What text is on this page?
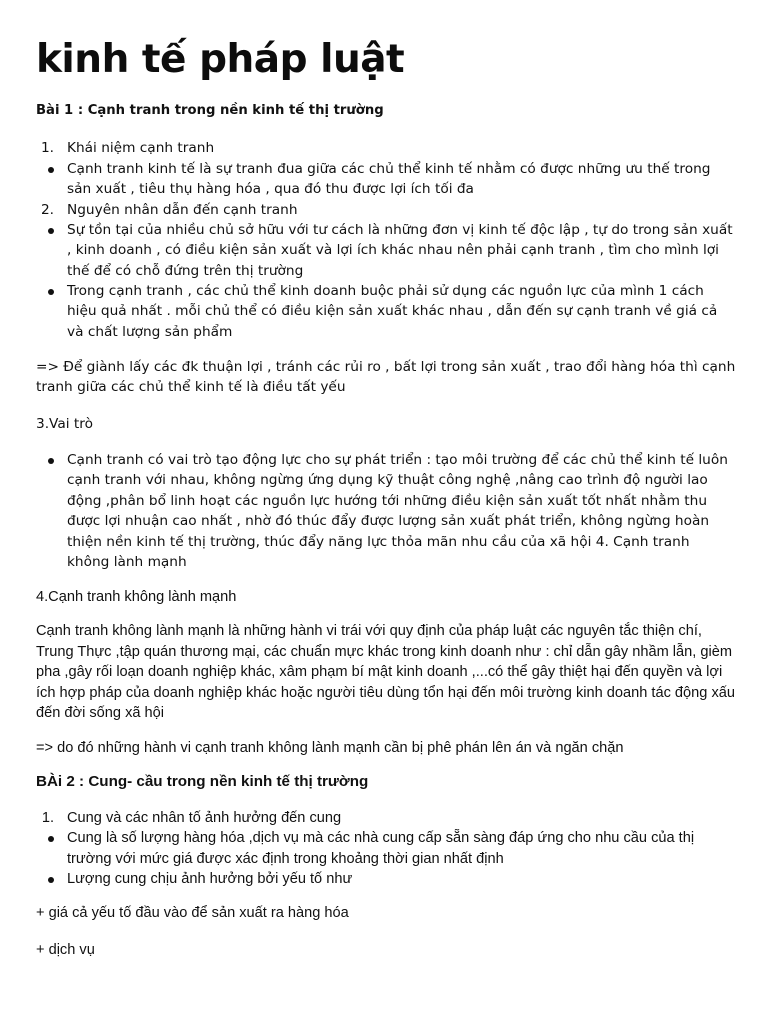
kinh tế pháp luật
Bài 1 : Cạnh tranh trong nền kinh tế thị trường
1. Khái niệm cạnh tranh
Cạnh tranh kinh tế là sự tranh đua giữa các chủ thể kinh tế nhằm có được những ưu thế trong sản xuất , tiêu thụ hàng hóa , qua đó thu được lợi ích tối đa
2. Nguyên nhân dẫn đến cạnh tranh
Sự tồn tại của nhiều chủ sở hữu với tư cách là những đơn vị kinh tế độc lập , tự do trong sản xuất , kinh doanh , có điều kiện sản xuất và lợi ích khác nhau nên phải cạnh tranh , tìm cho mình lợi thế để có chỗ đứng trên thị trường
Trong cạnh tranh , các chủ thể kinh doanh buộc phải sử dụng các nguồn lực của mình 1 cách hiệu quả nhất . mỗi chủ thể có điều kiện sản xuất khác nhau , dẫn đến sự cạnh tranh về giá cả và chất lượng sản phẩm
=> Để giành lấy các đk thuận lợi , tránh các rủi ro , bất lợi trong sản xuất , trao đổi hàng hóa thì cạnh tranh giữa các chủ thể kinh tế là điều tất yếu
3.Vai trò
Cạnh tranh có vai trò tạo động lực cho sự phát triển : tạo môi trường để các chủ thể kinh tế luôn cạnh tranh với nhau, không ngừng ứng dụng kỹ thuật công nghệ ,nâng cao trình độ người lao động ,phân bổ linh hoạt các nguồn lực hướng tới những điều kiện sản xuất tốt nhất nhằm thu được lợi nhuận cao nhất , nhờ đó thúc đẩy được lượng sản xuất phát triển, không ngừng hoàn thiện nền kinh tế thị trường, thúc đẩy năng lực thỏa mãn nhu cầu của xã hội 4. Cạnh tranh không lành mạnh
4.Cạnh tranh không lành mạnh
Cạnh tranh không lành mạnh là những hành vi trái với quy định của pháp luật các nguyên tắc thiện chí, Trung Thực ,tập quán thương mại, các chuẩn mực khác trong kinh doanh như : chỉ dẫn gây nhầm lẫn, gièm pha ,gây rối loạn doanh nghiệp khác, xâm phạm bí mật kinh doanh ,...có thể gây thiệt hại đến quyền và lợi ích hợp pháp của doanh nghiệp khác hoặc người tiêu dùng tổn hại đến môi trường kinh doanh tác động xấu đến đời sống xã hội
=> do đó những hành vi cạnh tranh không lành mạnh cần bị phê phán lên án và ngăn chặn
BÀi 2 : Cung- cầu trong nền kinh tế thị trường
1. Cung và các nhân tố ảnh hưởng đến cung
Cung là số lượng hàng hóa ,dịch vụ mà các nhà cung cấp sẵn sàng đáp ứng cho nhu cầu của thị trường với mức giá được xác định trong khoảng thời gian nhất định
Lượng cung chịu ảnh hưởng bởi yếu tố như
+ giá cả yếu tố đầu vào để sản xuất ra hàng hóa
+ dịch vụ
